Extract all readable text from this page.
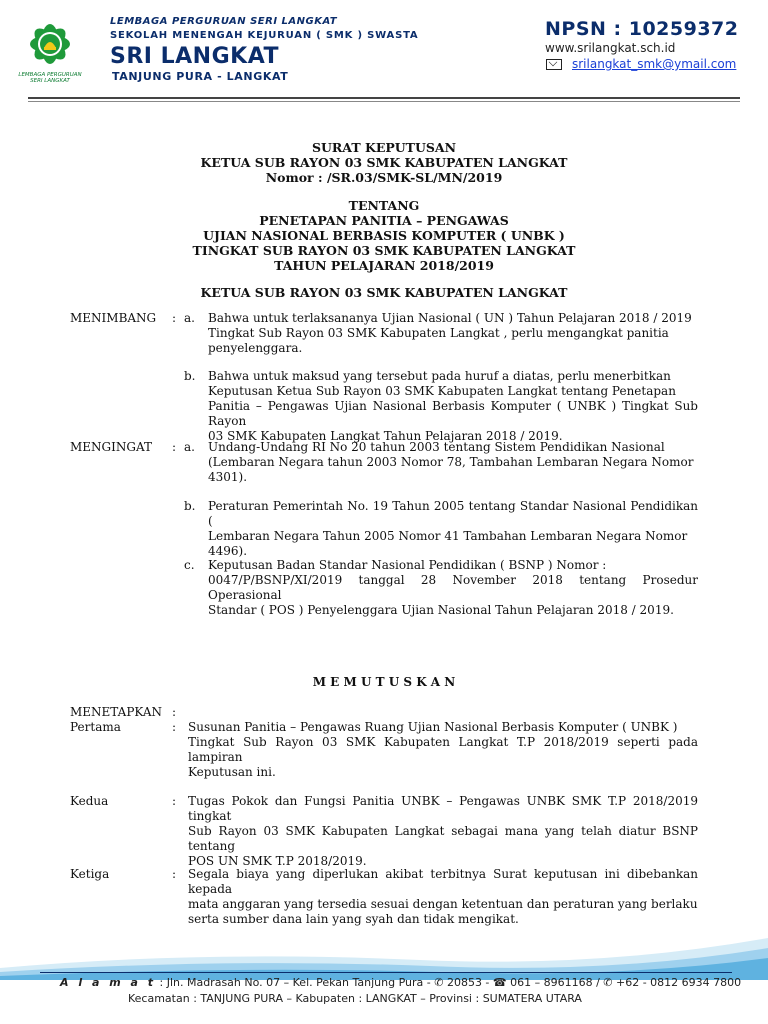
LEMBAGA PERGURUAN SERI LANGKAT
LEMBAGA PERGURUAN SERI LANGKAT
SEKOLAH MENENGAH KEJURUAN ( SMK ) SWASTA
SRI LANGKAT
TANJUNG PURA - LANGKAT
NPSN : 10259372
www.srilangkat.sch.id
srilangkat_smk@ymail.com
SURAT KEPUTUSAN
KETUA SUB RAYON 03 SMK KABUPATEN LANGKAT
Nomor : /SR.03/SMK-SL/MN/2019
TENTANG
PENETAPAN PANITIA – PENGAWAS
UJIAN NASIONAL BERBASIS KOMPUTER ( UNBK )
TINGKAT SUB RAYON 03 SMK KABUPATEN LANGKAT
TAHUN PELAJARAN 2018/2019
KETUA SUB RAYON 03 SMK KABUPATEN LANGKAT
MENIMBANG : a. Bahwa untuk terlaksananya Ujian Nasional ( UN ) Tahun Pelajaran 2018 / 2019
Tingkat Sub Rayon 03 SMK Kabupaten Langkat , perlu mengangkat panitia
penyelenggara.
b. Bahwa untuk maksud yang tersebut pada huruf a diatas, perlu menerbitkan
Keputusan Ketua Sub Rayon 03 SMK Kabupaten Langkat tentang Penetapan
Panitia – Pengawas Ujian Nasional Berbasis Komputer ( UNBK ) Tingkat Sub Rayon
03 SMK Kabupaten Langkat Tahun Pelajaran 2018 / 2019.
MENGINGAT : a. Undang-Undang RI No 20 tahun 2003 tentang Sistem Pendidikan Nasional
(Lembaran Negara tahun 2003 Nomor 78, Tambahan Lembaran Negara Nomor
4301).
b. Peraturan Pemerintah No. 19 Tahun 2005 tentang Standar Nasional Pendidikan (
Lembaran Negara Tahun 2005 Nomor 41 Tambahan Lembaran Negara Nomor
4496).
c. Keputusan Badan Standar Nasional Pendidikan ( BSNP ) Nomor :
0047/P/BSNP/XI/2019 tanggal 28 November 2018 tentang Prosedur Operasional
Standar ( POS ) Penyelenggara Ujian Nasional Tahun Pelajaran 2018 / 2019.
M E M U T U S K A N
MENETAPKAN :
Pertama	: Susunan Panitia – Pengawas Ruang Ujian Nasional Berbasis Komputer ( UNBK )
Tingkat Sub Rayon 03 SMK Kabupaten Langkat T.P 2018/2019 seperti pada lampiran
Keputusan ini.
Kedua	: Tugas Pokok dan Fungsi Panitia UNBK – Pengawas UNBK SMK T.P 2018/2019 tingkat
Sub Rayon 03 SMK Kabupaten Langkat sebagai mana yang telah diatur BSNP tentang
POS UN SMK T.P 2018/2019.
Ketiga	: Segala biaya yang diperlukan akibat terbitnya Surat keputusan ini dibebankan kepada
mata anggaran yang tersedia sesuai dengan ketentuan dan peraturan yang berlaku
serta sumber dana lain yang syah dan tidak mengikat.
A l a m a t : Jln. Madrasah No. 07 – Kel. Pekan Tanjung Pura - ✆ 20853 - ☎ 061 – 8961168 / ✆ +62 - 0812 6934 7800
Kecamatan : TANJUNG PURA – Kabupaten : LANGKAT – Provinsi : SUMATERA UTARA
